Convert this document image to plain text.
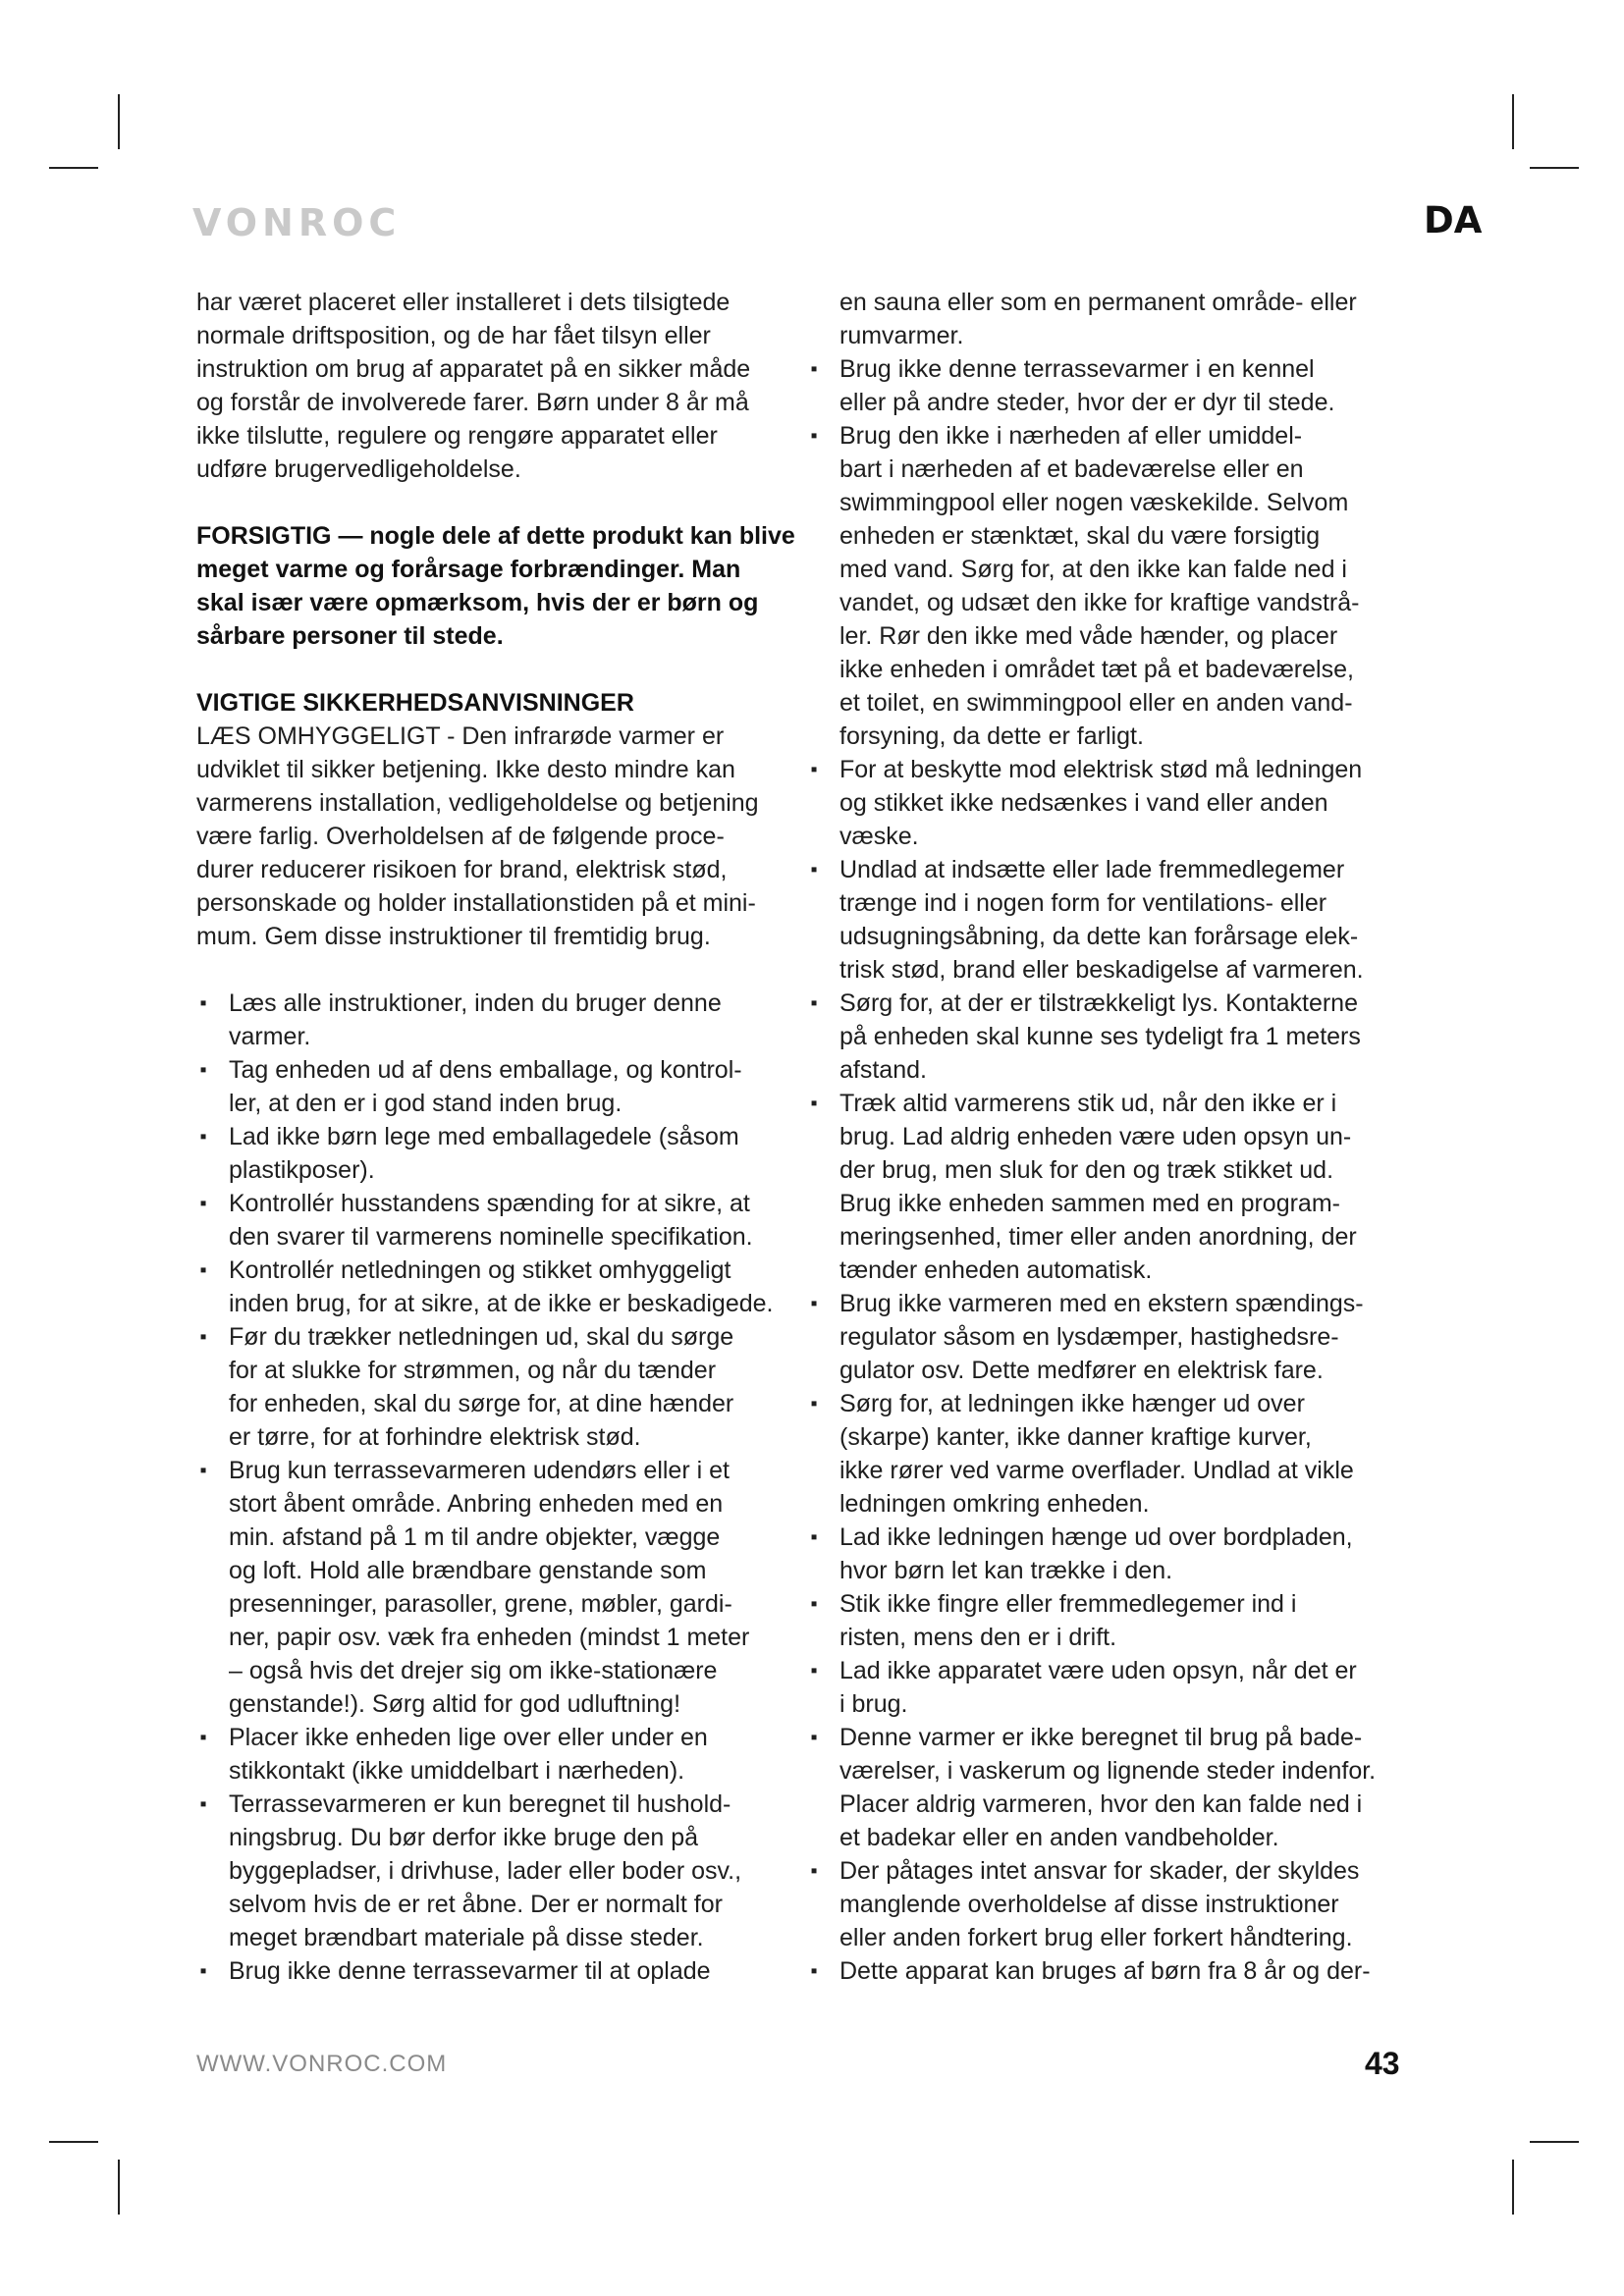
VONROC	DA

har været placeret eller installeret i dets tilsigtede
normale driftsposition, og de har fået tilsyn eller
instruktion om brug af apparatet på en sikker måde
og forstår de involverede farer. Børn under 8 år må
ikke tilslutte, regulere og rengøre apparatet eller
udføre brugervedligeholdelse.

FORSIGTIG — nogle dele af dette produkt kan blive
meget varme og forårsage forbrændinger. Man
skal især være opmærksom, hvis der er børn og
sårbare personer til stede.

VIGTIGE SIKKERHEDSANVISNINGER

LÆS OMHYGGELIGT - Den infrarøde varmer er
udviklet til sikker betjening. Ikke desto mindre kan
varmerens installation, vedligeholdelse og betjening
være farlig. Overholdelsen af de følgende proce-
durer reducerer risikoen for brand, elektrisk stød,
personskade og holder installationstiden på et mini-
mum. Gem disse instruktioner til fremtidig brug.

▪ Læs alle instruktioner, inden du bruger denne
varmer.
▪ Tag enheden ud af dens emballage, og kontrol-
ler, at den er i god stand inden brug.
▪ Lad ikke børn lege med emballagedele (såsom
plastikposer).
▪ Kontrollér husstandens spænding for at sikre, at
den svarer til varmerens nominelle specifikation.
▪ Kontrollér netledningen og stikket omhyggeligt
inden brug, for at sikre, at de ikke er beskadigede.
▪ Før du trækker netledningen ud, skal du sørge
for at slukke for strømmen, og når du tænder
for enheden, skal du sørge for, at dine hænder
er tørre, for at forhindre elektrisk stød.
▪ Brug kun terrassevarmeren udendørs eller i et
stort åbent område. Anbring enheden med en
min. afstand på 1 m til andre objekter, vægge
og loft. Hold alle brændbare genstande som
presenninger, parasoller, grene, møbler, gardi-
ner, papir osv. væk fra enheden (mindst 1 meter
– også hvis det drejer sig om ikke-stationære
genstande!). Sørg altid for god udluftning!
▪ Placer ikke enheden lige over eller under en
stikkontakt (ikke umiddelbart i nærheden).
▪ Terrassevarmeren er kun beregnet til hushold-
ningsbrug. Du bør derfor ikke bruge den på
byggepladser, i drivhuse, lader eller boder osv.,
selvom hvis de er ret åbne. Der er normalt for
meget brændbart materiale på disse steder.
▪ Brug ikke denne terrassevarmer til at oplade

en sauna eller som en permanent område- eller
rumvarmer.

▪ Brug ikke denne terrassevarmer i en kennel
eller på andre steder, hvor der er dyr til stede.
▪ Brug den ikke i nærheden af eller umiddel-
bart i nærheden af et badeværelse eller en
swimmingpool eller nogen væskekilde. Selvom
enheden er stænktæt, skal du være forsigtig
med vand. Sørg for, at den ikke kan falde ned i
vandet, og udsæt den ikke for kraftige vandstrå-
ler. Rør den ikke med våde hænder, og placer
ikke enheden i området tæt på et badeværelse,
et toilet, en swimmingpool eller en anden vand-
forsyning, da dette er farligt.
▪ For at beskytte mod elektrisk stød må ledningen
og stikket ikke nedsænkes i vand eller anden
væske.
▪ Undlad at indsætte eller lade fremmedlegemer
trænge ind i nogen form for ventilations- eller
udsugningsåbning, da dette kan forårsage elek-
trisk stød, brand eller beskadigelse af varmeren.
▪ Sørg for, at der er tilstrækkeligt lys. Kontakterne
på enheden skal kunne ses tydeligt fra 1 meters
afstand.
▪ Træk altid varmerens stik ud, når den ikke er i
brug. Lad aldrig enheden være uden opsyn un-
der brug, men sluk for den og træk stikket ud.
Brug ikke enheden sammen med en program-
meringsenhed, timer eller anden anordning, der
tænder enheden automatisk.
▪ Brug ikke varmeren med en ekstern spændings-
regulator såsom en lysdæmper, hastighedsre-
gulator osv. Dette medfører en elektrisk fare.
▪ Sørg for, at ledningen ikke hænger ud over
(skarpe) kanter, ikke danner kraftige kurver,
ikke rører ved varme overflader. Undlad at vikle
ledningen omkring enheden.
▪ Lad ikke ledningen hænge ud over bordpladen,
hvor børn let kan trække i den.
▪ Stik ikke fingre eller fremmedlegemer ind i
risten, mens den er i drift.
▪ Lad ikke apparatet være uden opsyn, når det er
i brug.
▪ Denne varmer er ikke beregnet til brug på bade-
værelser, i vaskerum og lignende steder indenfor.
Placer aldrig varmeren, hvor den kan falde ned i
et badekar eller en anden vandbeholder.
▪ Der påtages intet ansvar for skader, der skyldes
manglende overholdelse af disse instruktioner
eller anden forkert brug eller forkert håndtering.
▪ Dette apparat kan bruges af børn fra 8 år og der-
WWW.VONROC.COM	43
